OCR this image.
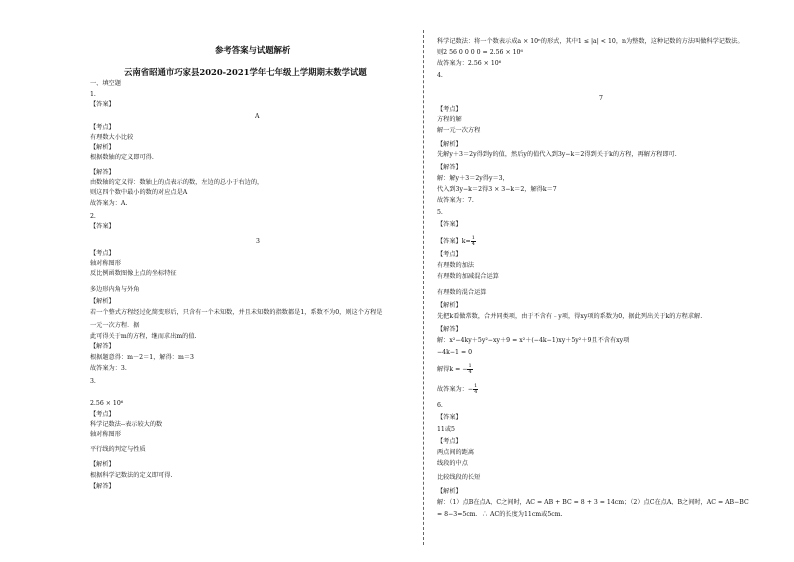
参考答案与试题解析
云南省昭通市巧家县2020-2021学年七年级上学期期末数学试题
一、填空题
1.
【答案】
A
【考点】
有理数大小比较
【解析】
根据数轴的定义即可得.
【解答】
由数轴的定义得：数轴上的点表示的数，左边的总小于右边的，
则这四个数中最小的数的对应点是A
故答案为：A.
2.
【答案】
3
【考点】
轴对称图形
反比例函数图像上点的坐标特征
多边形内角与外角
【解析】
若一个整式方程经过化简变形后，只含有一个未知数，并且未知数的指数都是1，系数不为0，则这个方程是
一元一次方程．据
此可得关于m的方程，继而求出m的值.
【解答】
根据题意得：m－2＝1，解得：m＝3
故答案为：3.
3.
2.56 × 10⁶
【考点】
科学记数法--表示较大的数
轴对称图形
平行线的判定与性质
【解析】
根据科学记数法的定义即可得.
【解答】
科学记数法：将一个数表示成a × 10ⁿ的形式，其中1 ≤ |a| < 10，n为整数，这种记数的方法叫做科学记数法。
则2 56 0 0 0 0 = 2.56 × 10⁶
故答案为：2.56 × 10⁶
4.
7
【考点】
方程的解
解一元一次方程
【解析】
先解y＋3＝2y得到y的值，然后y的值代入到3y−k＝2得到关于k的方程，再解方程即可.
【解答】
解：解y＋3＝2y得y＝3，
代入到3y−k＝2得3 × 3−k＝2，解得k＝7
故答案为：7.
5.
【答案】
【答案】$k= \frac{1}{4}$
【考点】
有理数的加法
有理数的加减混合运算
有理数的混合运算
【解析】
先把k看做常数，合并同类项，由于不含有﹣y项，得xy项的系数为0，据此列出关于k的方程求解.
【解答】
解：x²−4ky＋5y²−xy＋9 = x²＋(−4k−1)xy＋5y²＋9且不含有xy项
−4k−1 = 0
解得k = − $\frac{1}{4}$
故答案为：− $\frac{1}{4}$
6.
【答案】
11或5
【考点】
两点间的距离
线段的中点
比较线段的长短
【解析】
解：（1）点B在点A、C之间时，AC = AB + BC = 8 + 3 = 14cm；（2）点C在点A、B之间时，AC = AB−BC
= 8−3=5cm．∴ AC的长度为11cm或5cm.
